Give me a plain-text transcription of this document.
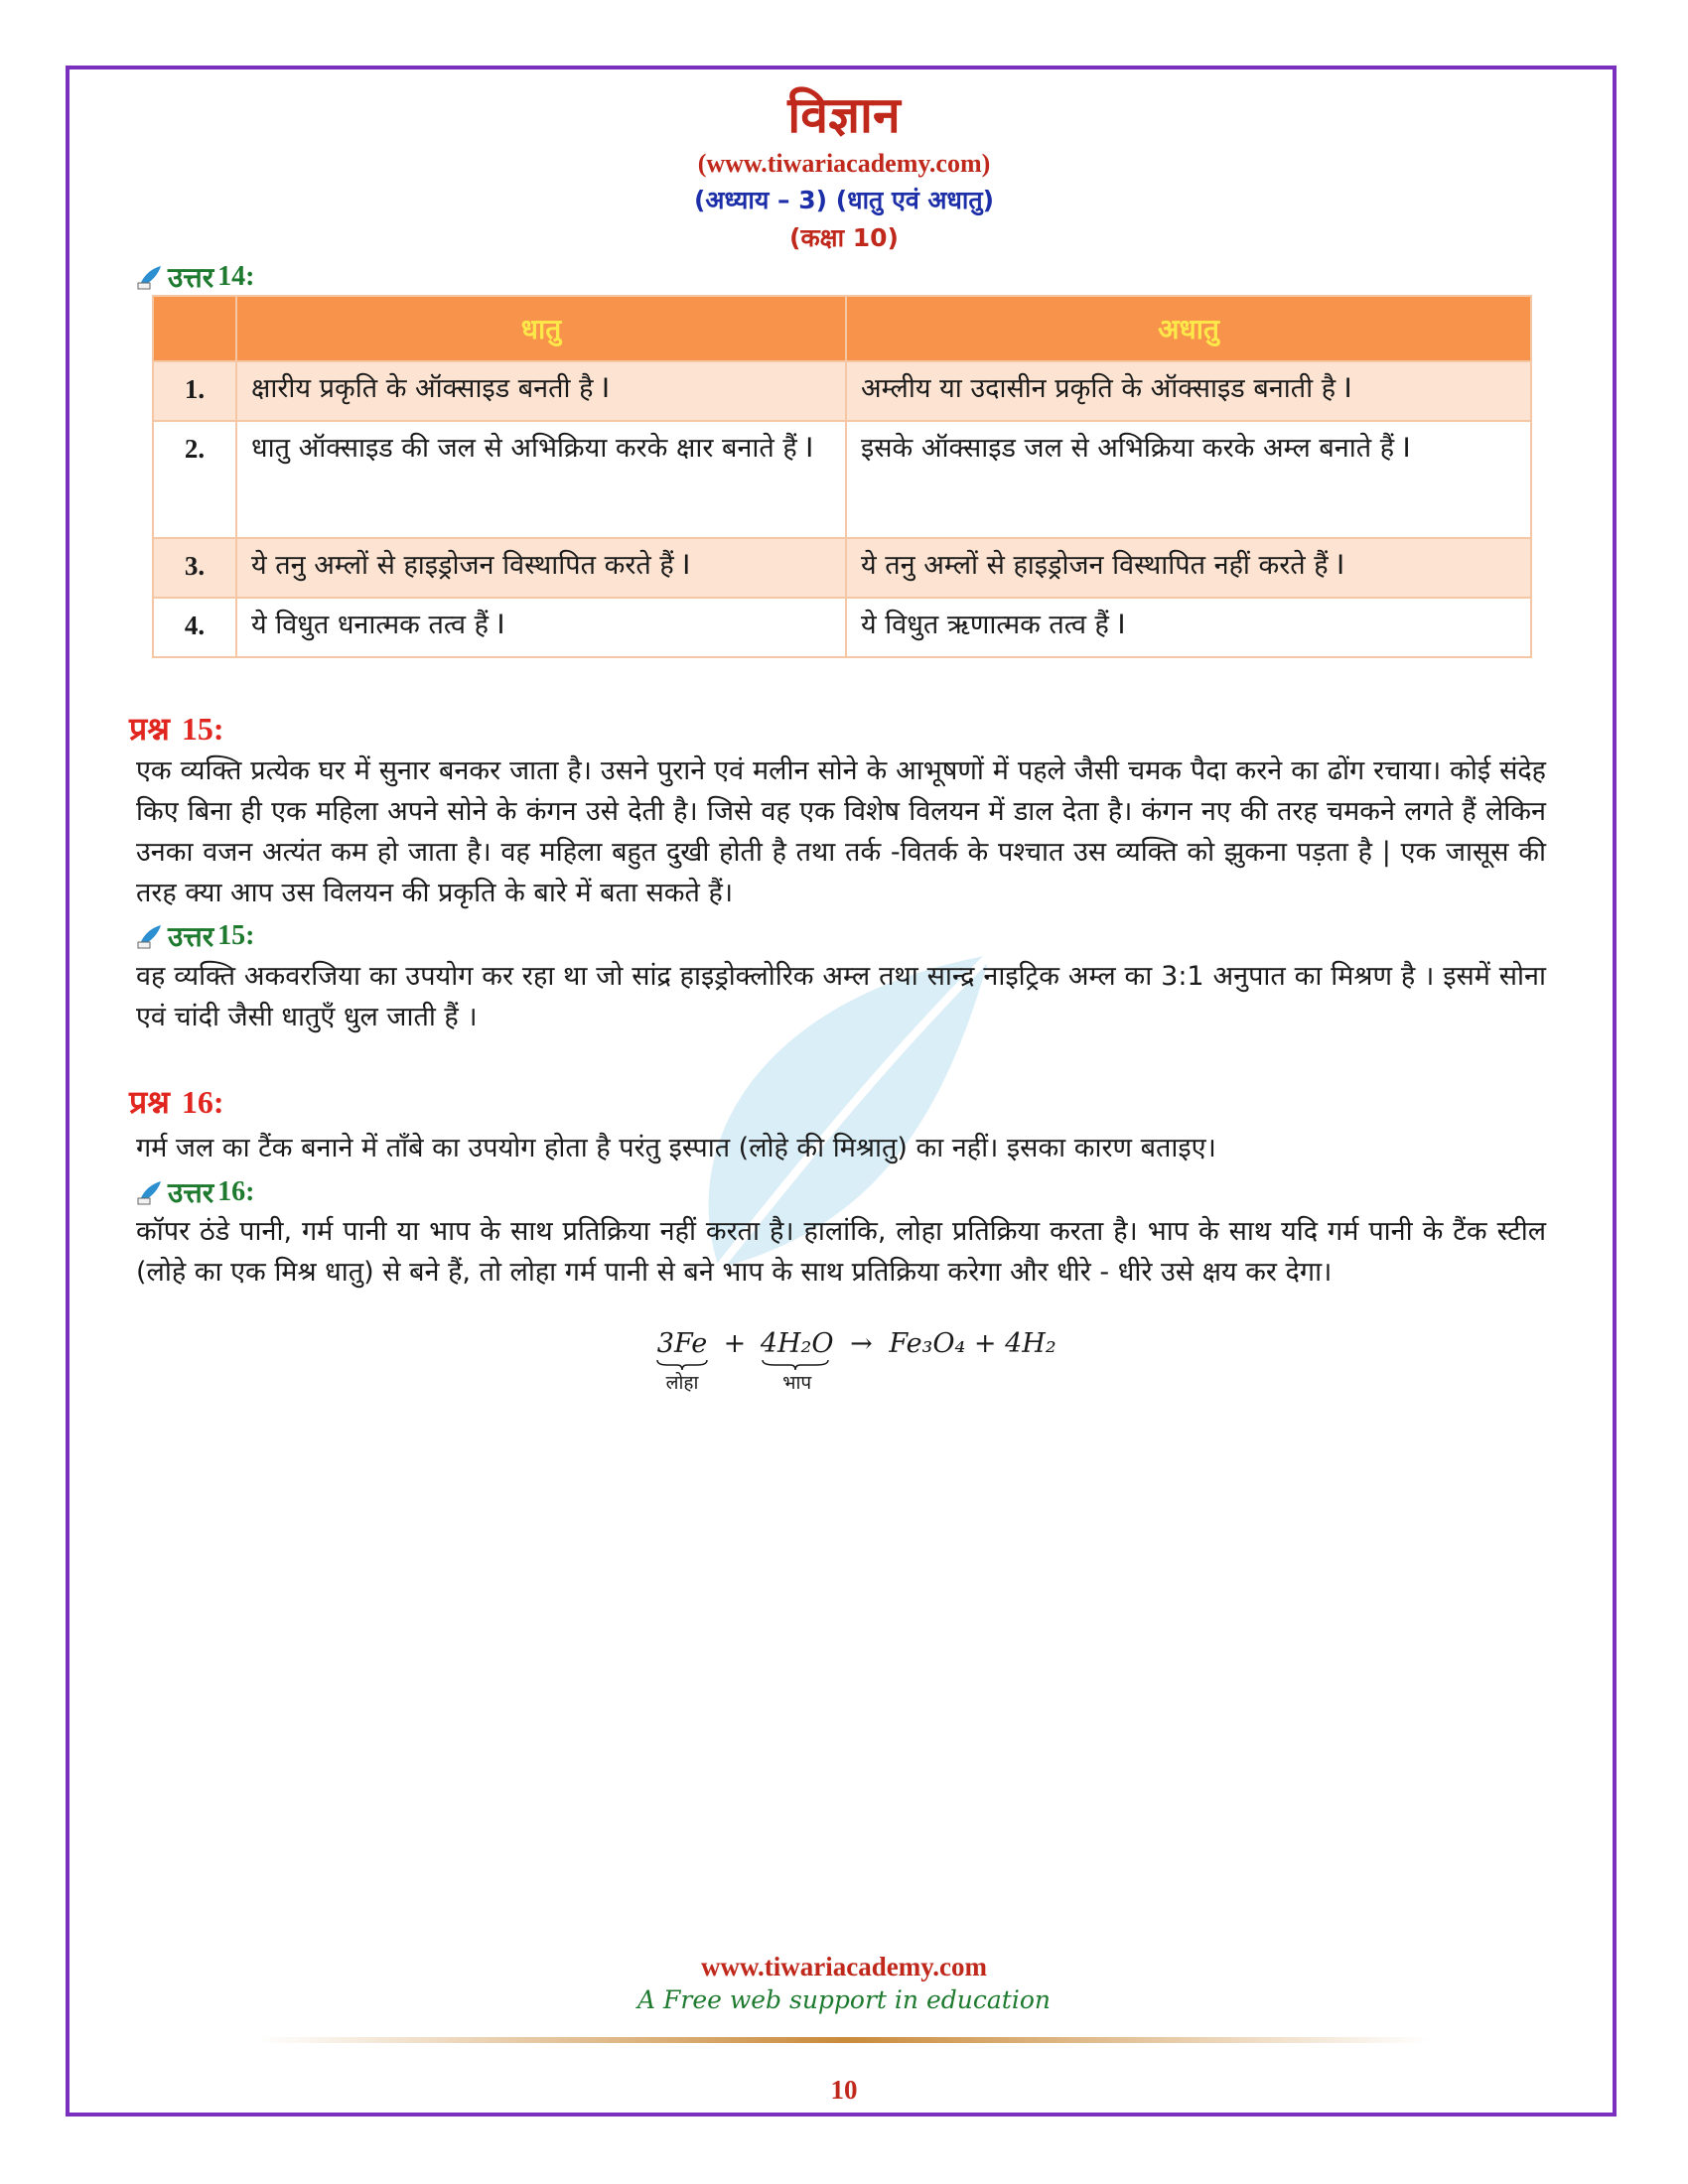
विज्ञान
(www.tiwariacademy.com)
(अध्याय – 3) (धातु एवं अधातु)
(कक्षा 10)
उत्तर 14:
	धातु	अधातु
1.	क्षारीय प्रकृति के ऑक्साइड बनती है I	अम्लीय या उदासीन प्रकृति के ऑक्साइड बनाती है I
2.	धातु ऑक्साइड की जल से अभिक्रिया करके क्षार बनाते हैं I	इसके ऑक्साइड जल से अभिक्रिया करके अम्ल बनाते हैं I
3.	ये तनु अम्लों से हाइड्रोजन विस्थापित करते हैं I	ये तनु अम्लों से हाइड्रोजन विस्थापित नहीं करते हैं I
4.	ये विधुत धनात्मक तत्व हैं I	ये विधुत ऋणात्मक तत्व हैं I
प्रश्न 15:
एक व्यक्ति प्रत्येक घर में सुनार बनकर जाता है। उसने पुराने एवं मलीन सोने के आभूषणों में पहले जैसी चमक पैदा करने का ढोंग रचाया। कोई संदेह किए बिना ही एक महिला अपने सोने के कंगन उसे देती है। जिसे वह एक विशेष विलयन में डाल देता है। कंगन नए की तरह चमकने लगते हैं लेकिन उनका वजन अत्यंत कम हो जाता है। वह महिला बहुत दुखी होती है तथा तर्क -वितर्क के पश्चात उस व्यक्ति को झुकना पड़ता है | एक जासूस की तरह क्या आप उस विलयन की प्रकृति के बारे में बता सकते हैं।
उत्तर 15:
वह व्यक्ति अकवरजिया का उपयोग कर रहा था जो सांद्र हाइड्रोक्लोरिक अम्ल तथा सान्द्र नाइट्रिक अम्ल का 3:1 अनुपात का मिश्रण है । इसमें सोना एवं चांदी जैसी धातुएँ धुल जाती हैं ।
प्रश्न 16:
गर्म जल का टैंक बनाने में ताँबे का उपयोग होता है परंतु इस्पात (लोहे की मिश्रातु) का नहीं। इसका कारण बताइए।
उत्तर 16:
कॉपर ठंडे पानी, गर्म पानी या भाप के साथ प्रतिक्रिया नहीं करता है। हालांकि, लोहा प्रतिक्रिया करता है। भाप के साथ यदि गर्म पानी के टैंक स्टील (लोहे का एक मिश्र धातु) से बने हैं, तो लोहा गर्म पानी से बने भाप के साथ प्रतिक्रिया करेगा और धीरे - धीरे उसे क्षय कर देगा।
3Fe
लोहा
+ 4H₂O
भाप
→ Fe₃O₄ + 4H₂
www.tiwariacademy.com
A Free web support in education
10
